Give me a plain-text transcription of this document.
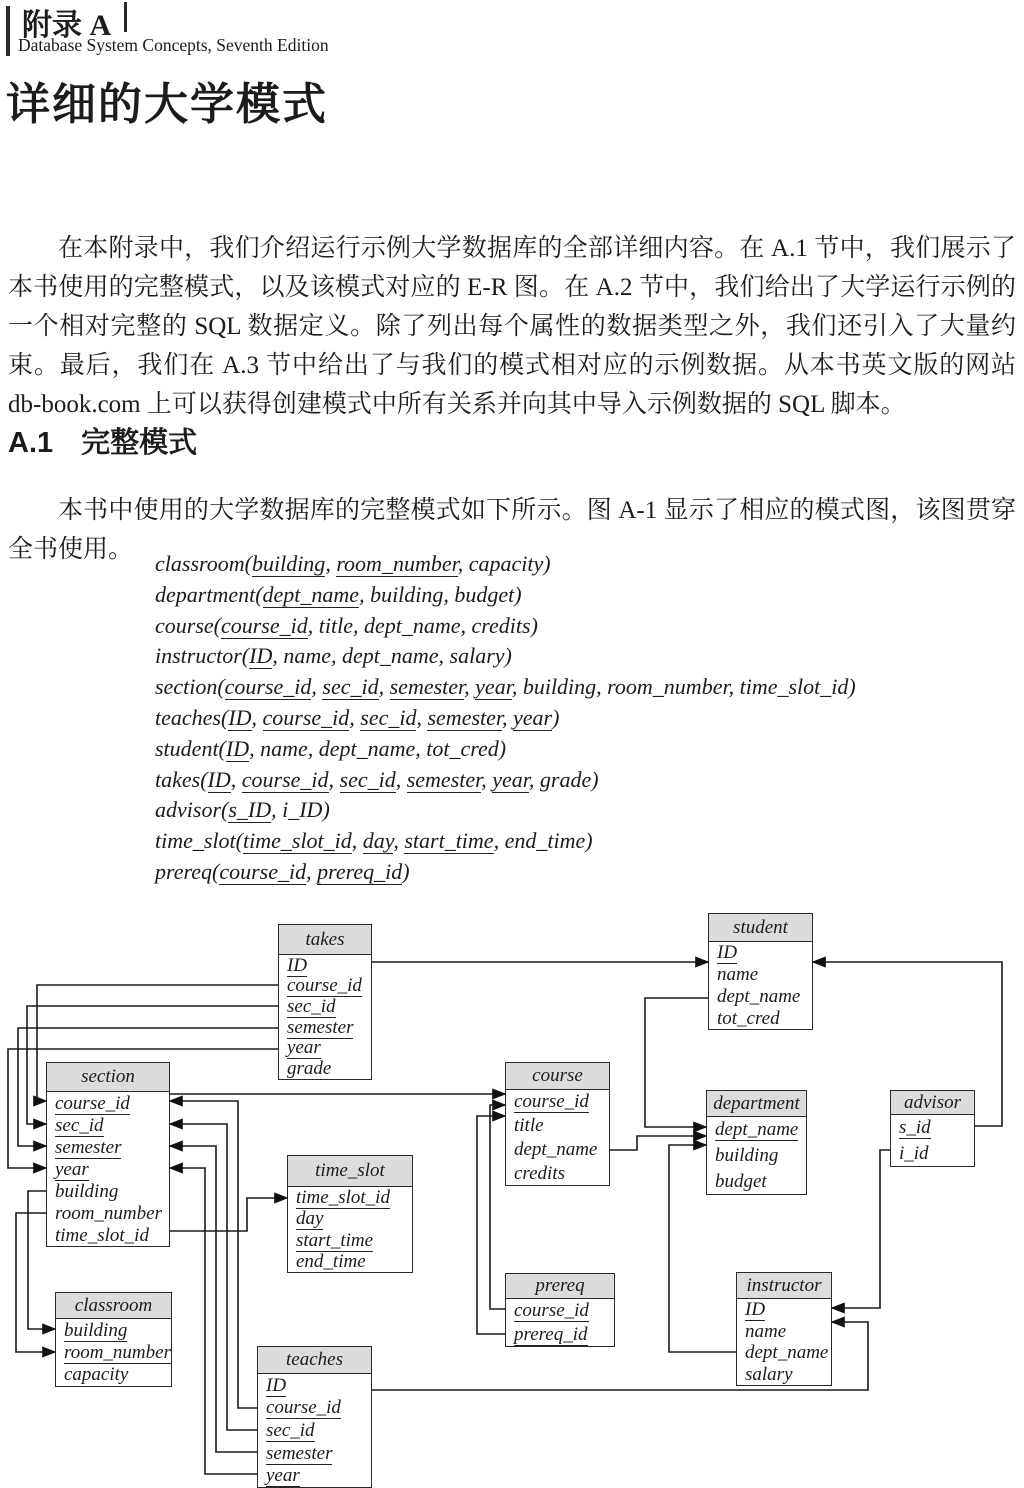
附录 A
Database System Concepts, Seventh Edition
详细的大学模式

在本附录中，我们介绍运行示例大学数据库的全部详细内容。在 A.1 节中，我们展示了本书使用的完整模式，以及该模式对应的 E-R 图。在 A.2 节中，我们给出了大学运行示例的一个相对完整的 SQL 数据定义。除了列出每个属性的数据类型之外，我们还引入了大量约束。最后，我们在 A.3 节中给出了与我们的模式相对应的示例数据。从本书英文版的网站 db-book.com 上可以获得创建模式中所有关系并向其中导入示例数据的 SQL 脚本。

A.1 完整模式

本书中使用的大学数据库的完整模式如下所示。图 A-1 显示了相应的模式图，该图贯穿全书使用。

classroom(building, room_number, capacity)
department(dept_name, building, budget)
course(course_id, title, dept_name, credits)
instructor(ID, name, dept_name, salary)
section(course_id, sec_id, semester, year, building, room_number, time_slot_id)
teaches(ID, course_id, sec_id, semester, year)
student(ID, name, dept_name, tot_cred)
takes(ID, course_id, sec_id, semester, year, grade)
advisor(s_ID, i_ID)
time_slot(time_slot_id, day, start_time, end_time)
prereq(course_id, prereq_id)
takes
ID
course_id
sec_id
semester
year
grade
student
ID
name
dept_name
tot_cred
section
course_id
sec_id
semester
year
building
room_number
time_slot_id
course
course_id
title
dept_name
credits
department
dept_name
building
budget
advisor
s_id
i_id
time_slot
time_slot_id
day
start_time
end_time
prereq
course_id
prereq_id
classroom
building
room_number
capacity
instructor
ID
name
dept_name
salary
teaches
ID
course_id
sec_id
semester
year
